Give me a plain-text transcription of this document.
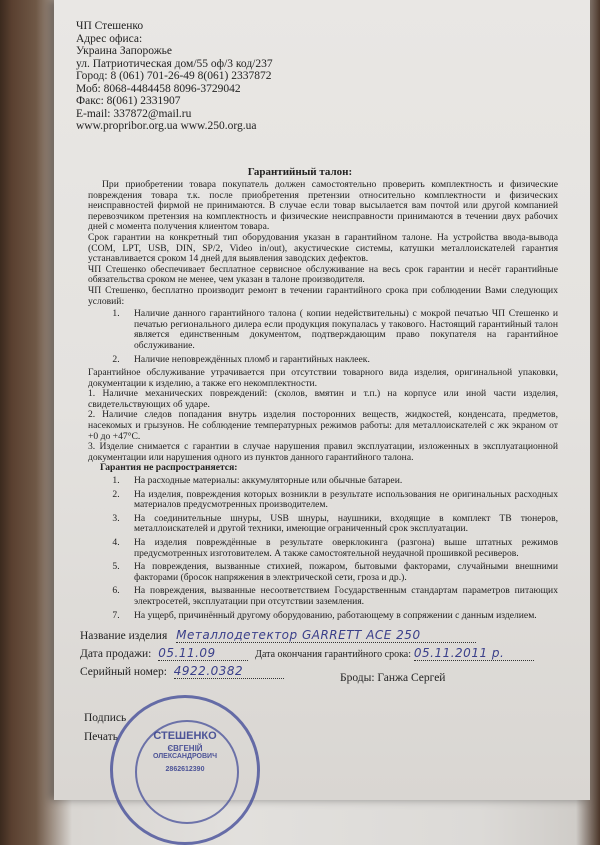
ЧП Стешенко
Адрес офиса:
Украина Запорожье
ул. Патриотическая дом/55 оф/3 код/237
Город: 8 (061) 701-26-49 8(061) 2337872
Моб: 8068-4484458 8096-3729042
Факс: 8(061) 2331907
E-mail: 337872@mail.ru
www.propribor.org.ua www.250.org.ua
Гарантийный талон:

При приобретении товара покупатель должен самостоятельно проверить комплектность и физические повреждения товара т.к. после приобретения претензии относительно комплектности и физических неисправностей фирмой не принимаются. В случае если товар высылается вам почтой или другой компанией перевозчиком претензия на комплектность и физические неисправности принимаются в течении двух рабочих дней с момента получения клиентом товара.

Срок гарантии на конкретный тип оборудования указан в гарантийном талоне. На устройства ввода-вывода (COM, LPT, USB, DIN, SP/2, Video in/out), акустические системы, катушки металлоискателей гарантия устанавливается сроком 14 дней для выявления заводских дефектов.

ЧП Стешенко обеспечивает бесплатное сервисное обслуживание на весь срок гарантии и несёт гарантийные обязательства сроком не менее, чем указан в талоне производителя.

ЧП Стешенко, бесплатно производит ремонт в течении гарантийного срока при соблюдении Вами следующих условий:

1. Наличие данного гарантийного талона ( копии недействительны) с мокрой печатью ЧП Стешенко и печатью регионального дилера если продукция покупалась у такового. Настоящий гарантийный талон является единственным документом, подтверждающим право покупателя на гарантийное обслуживание.
2. Наличие неповреждённых пломб и гарантийных наклеек.

Гарантийное обслуживание утрачивается при отсутствии товарного вида изделия, оригинальной упаковки, документации к изделию, а также его некомплектности.

1. Наличие механических повреждений: (сколов, вмятин и т.п.) на корпусе или иной части изделия, свидетельствующих об ударе.

2. Наличие следов попадания внутрь изделия посторонних веществ, жидкостей, конденсата, предметов, насекомых и грызунов. Не соблюдение температурных режимов работы: для металлоискателей с жк экраном от +0 до +47°С.

3. Изделие снимается с гарантии в случае нарушения правил эксплуатации, изложенных в эксплуатационной документации или нарушения одного из пунктов данного гарантийного талона.

Гарантия не распространяется:

1. На расходные материалы: аккумуляторные или обычные батареи.
2. На изделия, повреждения которых возникли в результате использования не оригинальных расходных материалов предусмотренных производителем.
3. На соединительные шнуры, USB шнуры, наушники, входящие в комплект ТВ тюнеров, металлоискателей и другой техники, имеющие ограниченный срок эксплуатации.
4. На изделия повреждённые в результате оверклокинга (разгона) выше штатных режимов предусмотренных изготовителем. А также самостоятельной неудачной прошивкой ресиверов.
5. На повреждения, вызванные стихией, пожаром, бытовыми факторами, случайными внешними факторами (бросок напряжения в электрической сети, гроза и др.).
6. На повреждения, вызванные несоответствием Государственным стандартам параметров питающих электросетей, эксплуатации при отсутствии заземления.
7. На ущерб, причинённый другому оборудованию, работающему в сопряжении с данным изделием.
Название изделия Металлодетектор GARRETT ACE 250
Дата продажи: 05.11.09	Дата окончания гарантийного срока: 05.11.2011 р.
Серийный номер: 4922.0382	Броды: Ганжа Сергей
Подпись
Печать	СТЕШЕНКО
ЄВГЕНІЙ
ОЛЕКСАНДРОВИЧ
2862612390
